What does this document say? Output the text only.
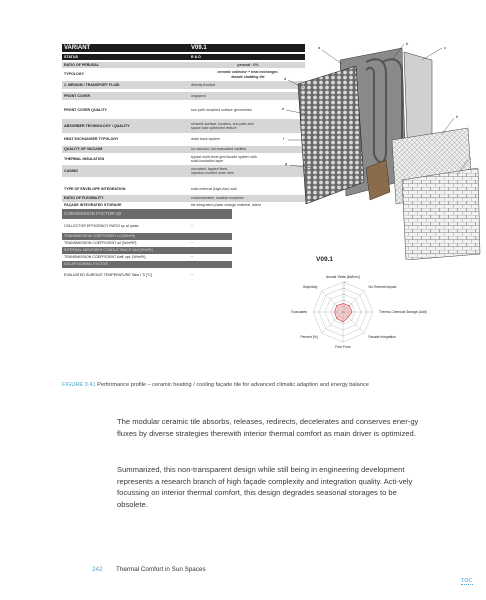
VARIANT	V09.1
STATUS	R & D
RATIO OF PERUSAL	perusal : 0%
TYPOLOGY
ceramic collector + heat exchanger-
facade cladding tile
1. MEDIUM / TRANSPORT FLUID	directly flooded
FRONT COVER	unglazed
FRONT COVER QUALITY	sun path morphed surface geometries
ABSORBER TECHNOLOGY / QUALITY
ceramic surface, location, sun path and
space load optimized texture
HEAT EXCHANGER TYPOLOGY	drain back system
QUALITY OF VACUUM	no vacuum, not evacuated cavities
THERMAL INSULATION
typical multi-level grid facade system with
solid insulation layer
CASING
uncoated, lapped fixed,
injection-molded outer skin
TYPE OF ENVELOPE INTEGRATION	solid external (high-rise) wall
RATIO OF FLEXIBILITY	customizeable, location morphed
FAÇADE INTEGRATED STORAGE	tile integrated phase change material, latent
CONVERSION FACTOR η0
COLLECTOR EFFICIENCY RATIO ηc at ηmax	~
TRANSMISSION COEFFICIENT a1 [W/m²K]
TRANSMISSION COEFFICIENT a2 [W/m²K²]	~
INTERNAL ABSORBER CONDUCTANCE Uint [W/m²K]
TRANSMISSION COEFFICIENT Aeff. opt. [W/m²K]	~
SOLAR NORMAL FACTOR
EVALUATED SURFACE TEMPERATURE Tabs / Ti [°C]	~
a
b
c
d
e
f
g
h
i
V09.1
4
5
6
7
8
9
10
Annual Yields [kWh/m²]
No Thermal Impact
Thermo-Chemical Storage (Add)
Facade Integration
Free Form
Percent [%]
Evacuated
Graphicity
FIGURE 3.41 Performance profile – ceramic heating / cooling façade tile for advanced climatic adaption and energy balance
The modular ceramic tile absorbs, releases, redirects, decelerates and conserves ener-gy fluxes by diverse strategies therewith interior thermal comfort as main driver is optimized.
Summarized, this non-transparent design while still being in engineering development represents a research branch of high façade complexity and integration quality. Acti-vely focussing on interior thermal comfort, this design degrades seasonal storages to be obsolete.
242 Thermal Comfort in Sun Spaces
TOC
